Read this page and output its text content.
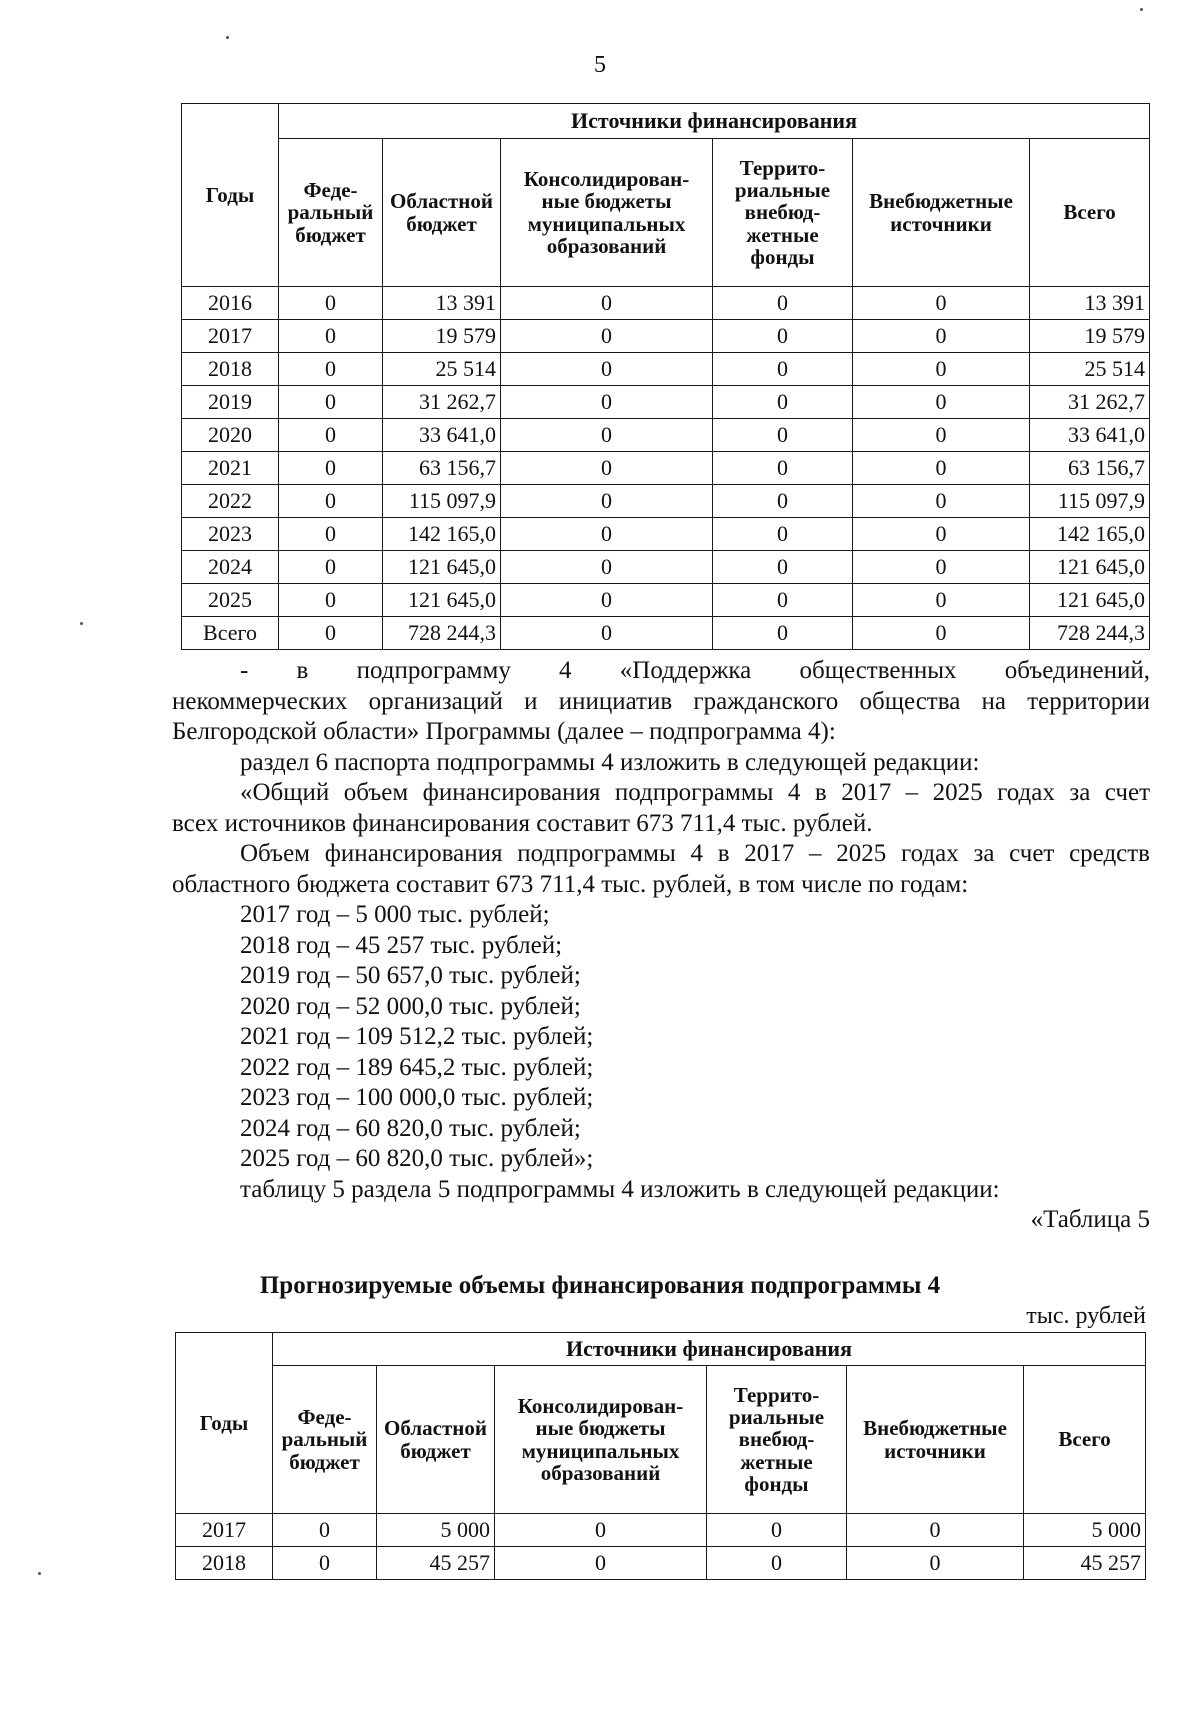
5
Годы	Источники финансирования					
	Феде-
ральный
бюджет	Областной
бюджет	Консолидирован-
ные бюджеты
муниципальных
образований	Террито-
риальные
внебюд-
жетные
фонды	Внебюджетные
источники	Всего
2016	0	13 391	0	0	0	13 391
2017	0	19 579	0	0	0	19 579
2018	0	25 514	0	0	0	25 514
2019	0	31 262,7	0	0	0	31 262,7
2020	0	33 641,0	0	0	0	33 641,0
2021	0	63 156,7	0	0	0	63 156,7
2022	0	115 097,9	0	0	0	115 097,9
2023	0	142 165,0	0	0	0	142 165,0
2024	0	121 645,0	0	0	0	121 645,0
2025	0	121 645,0	0	0	0	121 645,0
Всего	0	728 244,3	0	0	0	728 244,3

- в подпрограмму 4 «Поддержка общественных объединений,

некоммерческих организаций и инициатив гражданского общества на территории

Белгородской области» Программы (далее – подпрограмма 4):

раздел 6 паспорта подпрограммы 4 изложить в следующей редакции:

«Общий объем финансирования подпрограммы 4 в 2017 – 2025 годах за счет

всех источников финансирования составит 673 711,4 тыс. рублей.

Объем финансирования подпрограммы 4 в 2017 – 2025 годах за счет средств

областного бюджета составит 673 711,4 тыс. рублей, в том числе по годам:

2017 год – 5 000 тыс. рублей;

2018 год – 45 257 тыс. рублей;

2019 год – 50 657,0 тыс. рублей;

2020 год – 52 000,0 тыс. рублей;

2021 год – 109 512,2 тыс. рублей;

2022 год – 189 645,2 тыс. рублей;

2023 год – 100 000,0 тыс. рублей;

2024 год – 60 820,0 тыс. рублей;

2025 год – 60 820,0 тыс. рублей»;

таблицу 5 раздела 5 подпрограммы 4 изложить в следующей редакции:

«Таблица 5

Прогнозируемые объемы финансирования подпрограммы 4
тыс. рублей
Годы	Источники финансирования					
	Феде-
ральный
бюджет	Областной
бюджет	Консолидирован-
ные бюджеты
муниципальных
образований	Террито-
риальные
внебюд-
жетные
фонды	Внебюджетные
источники	Всего
2017	0	5 000	0	0	0	5 000
2018	0	45 257	0	0	0	45 257
